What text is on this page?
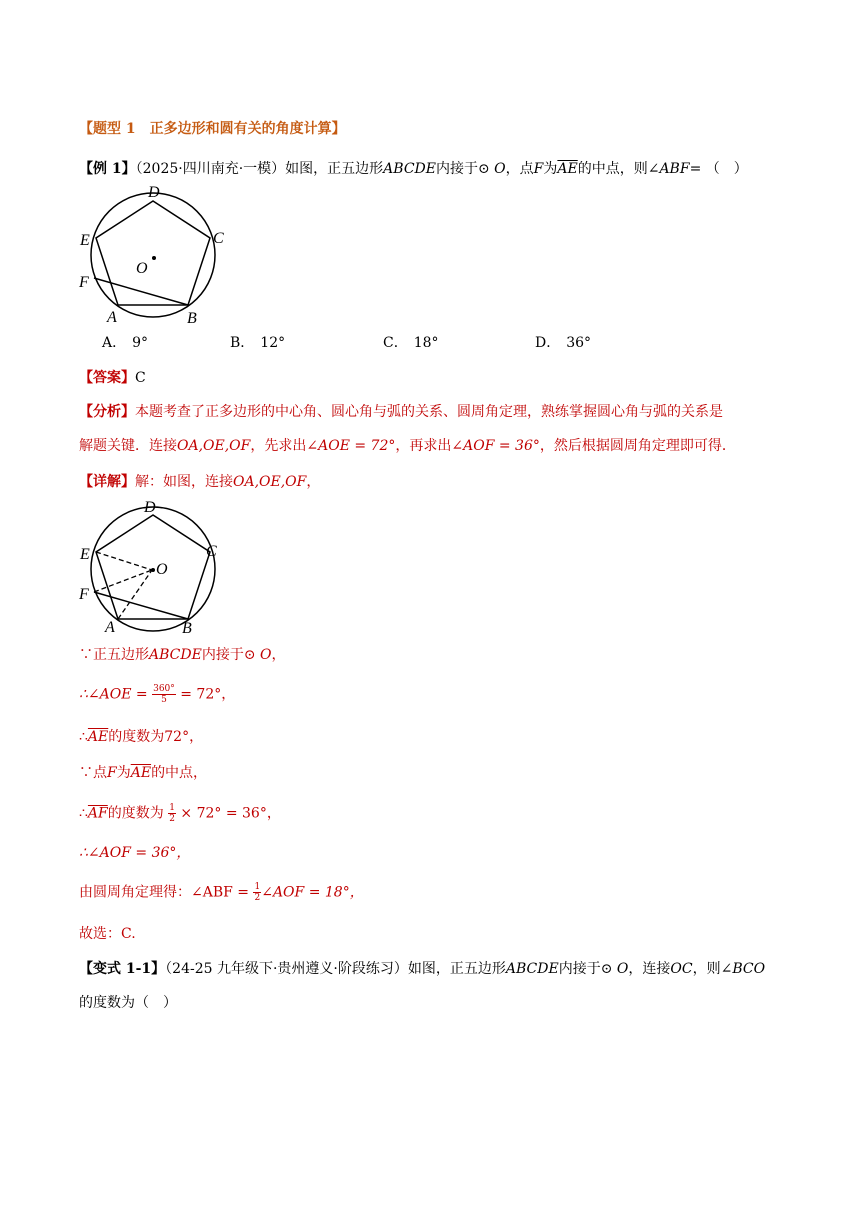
【题型 1　正多边形和圆有关的角度计算】
【例 1】（2025·四川南充·一模）如图，正五边形ABCDE内接于⊙ O，点F为$\overline{AE}$的中点，则∠ABF= （　）
D
C
E
O
F
A	B
A． 9°	B． 12°	C． 18°	D． 36°
【答案】C
【分析】本题考查了正多边形的中心角、圆心角与弧的关系、圆周角定理，熟练掌握圆心角与弧的关系是
解题关键．连接OA,OE,OF，先求出∠AOE = 72°，再求出∠AOF = 36°，然后根据圆周角定理即可得．
【详解】解：如图，连接OA,OE,OF，
D
C
E
O
F
A	B
∵正五边形ABCDE内接于⊙ O，
∴∠AOE = $\frac{360^\circ}{5} = 72^\circ$，
$\therefore\overline{AE}$的度数为72°，
∵点F为$\overline{AE}$的中点，
$\therefore\overline{AF}$的度数为 $\frac{1}{2} \times 72^\circ = 36^\circ$，
∴∠AOF = 36°，
由圆周角定理得：∠ABF = $\frac{1}{2}$ ∠AOF = 18°，
故选：C.
【变式 1-1】（24-25 九年级下·贵州遵义·阶段练习）如图，正五边形ABCDE内接于⊙ O，连接OC，则∠BCO
的度数为（　）
